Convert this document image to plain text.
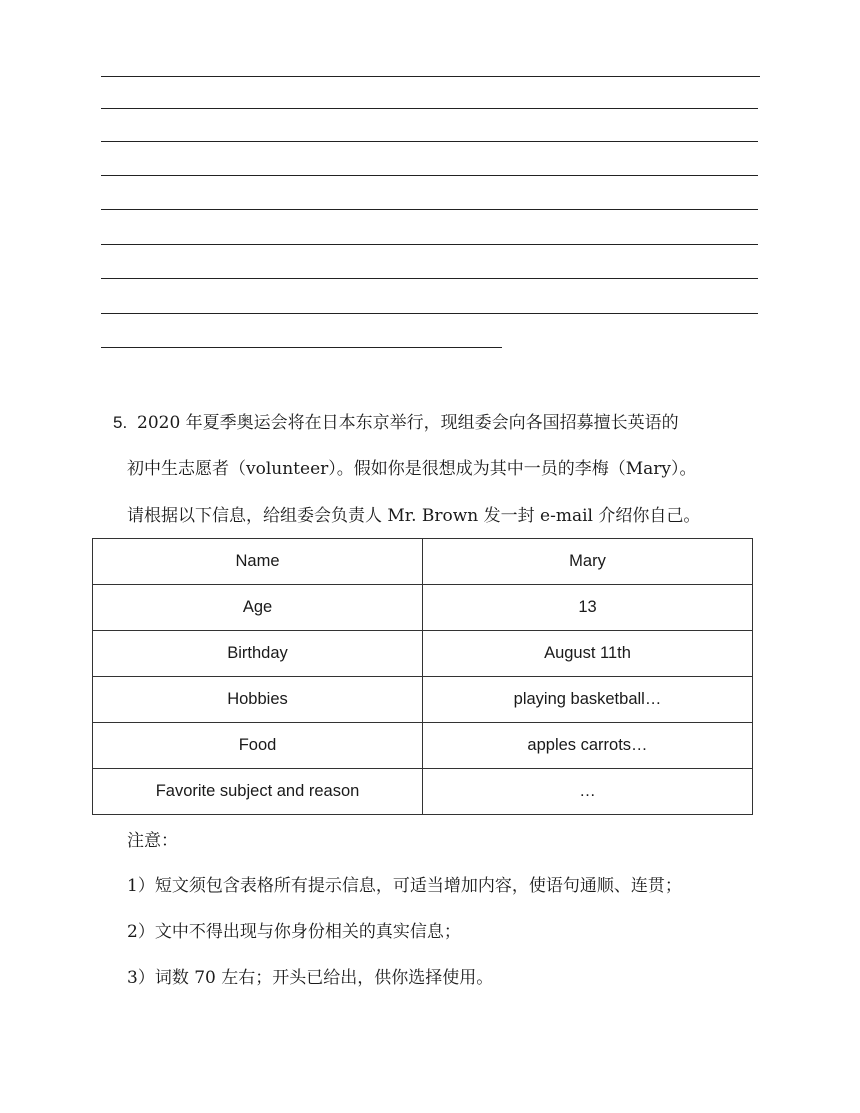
5. 2020 年夏季奥运会将在日本东京举行，现组委会向各国招募擅长英语的
初中生志愿者（volunteer）。假如你是很想成为其中一员的李梅（Mary）。
请根据以下信息，给组委会负责人 Mr. Brown 发一封 e-mail 介绍你自己。
Name	Mary
Age	13
Birthday	August 11th
Hobbies	playing basketball…
Food	apples carrots…
Favorite subject and reason	…
注意：
1）短文须包含表格所有提示信息，可适当增加内容，使语句通顺、连贯；
2）文中不得出现与你身份相关的真实信息；
3）词数 70 左右；开头已给出，供你选择使用。
